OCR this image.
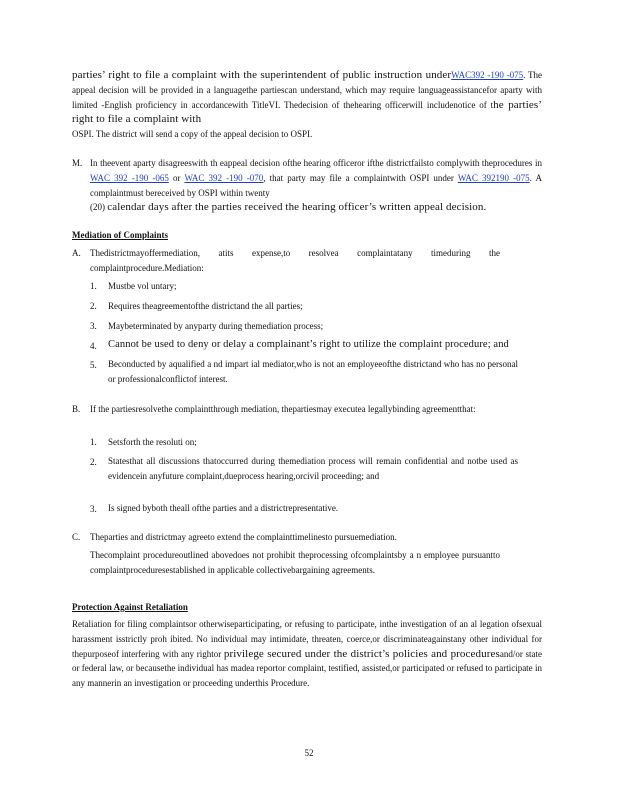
parties’ right to file a complaint with the superintendent of public instruction underWAC392 -190 -075. The appeal decision will be provided in a languagethe partiescan understand, which may require languageassistancefor aparty with limited -English proficiency in accordancewith TitleVI. Thedecision of thehearing officerwill includenotice of the parties’ right to file a complaint with

OSPI. The district will send a copy of the appeal decision to OSPI.

M. In theevent aparty disagreeswith th eappeal decision ofthe hearing officeror ifthe districtfailsto complywith theprocedures in WAC 392 -190 -065 or WAC 392 -190 -070, that party may file a complaintwith OSPI under WAC 392190 -075. A complaintmust bereceived by OSPI within twenty

(20) calendar days after the parties received the hearing officer’s written appeal decision.

Mediation of Complaints
A. Thedistrictmayoffermediation, atits expense,to resolvea complaintatany timeduring the complaintprocedure.Mediation:
1. Mustbe vol untary;
2. Requires theagreementofthe districtand the all parties;
3. Maybeterminated by anyparty during themediation process;
4. Cannot be used to deny or delay a complainant’s right to utilize the complaint procedure; and
5. Beconducted by aqualified a nd impart ial mediator,who is not an employeeofthe districtand who has no personal or professionalconflictof interest.
B. If the partiesresolvethe complaintthrough mediation, thepartiesmay executea legallybinding agreementthat:
1. Setsforth the resoluti on;
2. Statesthat all discussions thatoccurred during themediation process will remain confidential and notbe used as evidencein anyfuture complaint,dueprocess hearing,orcivil proceeding; and
3. Is signed byboth theall ofthe parties and a districtrepresentative.
C. Theparties and districtmay agreeto extend the complainttimelinesto pursuemediation.
Thecomplaint procedureoutlined abovedoes not prohibit theprocessing ofcomplaintsby a n employee pursuantto complaintproceduresestablished in applicable collectivebargaining agreements.
Protection Against Retaliation

Retaliation for filing complaintsor otherwiseparticipating, or refusing to participate, inthe investigation of an al legation ofsexual harassment isstrictly proh ibited. No individual may intimidate, threaten, coerce,or discriminateagainstany other individual for thepurposeof interfering with any rightor privilege secured under the district’s policies and proceduresand/or state or federal law, or becausethe individual has madea reportor complaint, testified, assisted,or participated or refused to participate in any mannerin an investigation or proceeding underthis Procedure.

52
